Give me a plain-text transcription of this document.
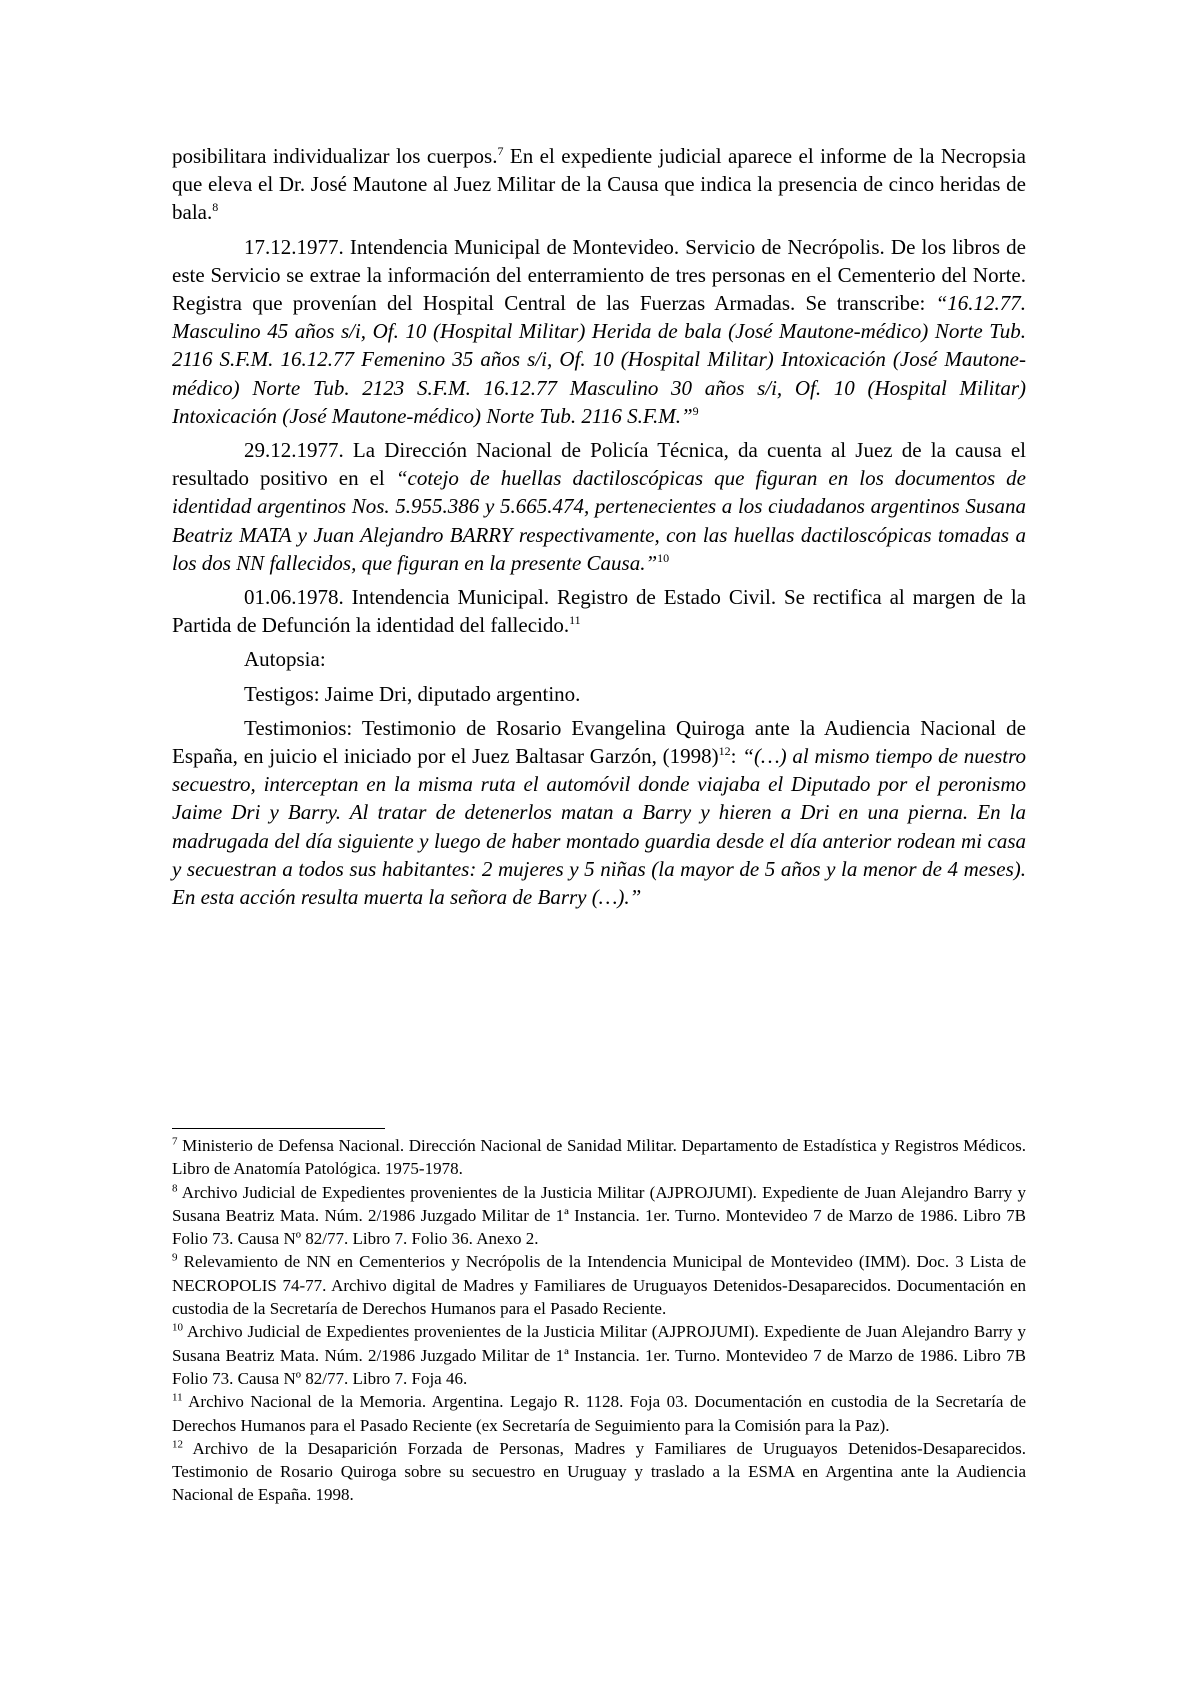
posibilitara individualizar los cuerpos.$^7$ En el expediente judicial aparece el informe de la Necropsia que eleva el Dr. José Mautone al Juez Militar de la Causa que indica la presencia de cinco heridas de bala.$^8$

17.12.1977. Intendencia Municipal de Montevideo. Servicio de Necrópolis. De los libros de este Servicio se extrae la información del enterramiento de tres personas en el Cementerio del Norte. Registra que provenían del Hospital Central de las Fuerzas Armadas. Se transcribe: “16.12.77. Masculino 45 años s/i, Of. 10 (Hospital Militar) Herida de bala (José Mautone-médico) Norte Tub. 2116 S.F.M. 16.12.77 Femenino 35 años s/i, Of. 10 (Hospital Militar) Intoxicación (José Mautone-médico) Norte Tub. 2123 S.F.M. 16.12.77 Masculino 30 años s/i, Of. 10 (Hospital Militar) Intoxicación (José Mautone-médico) Norte Tub. 2116 S.F.M.”$^9$

29.12.1977. La Dirección Nacional de Policía Técnica, da cuenta al Juez de la causa el resultado positivo en el “cotejo de huellas dactiloscópicas que figuran en los documentos de identidad argentinos Nos. 5.955.386 y 5.665.474, pertenecientes a los ciudadanos argentinos Susana Beatriz MATA y Juan Alejandro BARRY respectivamente, con las huellas dactiloscópicas tomadas a los dos NN fallecidos, que figuran en la presente Causa.”$^{10}$

01.06.1978. Intendencia Municipal. Registro de Estado Civil. Se rectifica al margen de la Partida de Defunción la identidad del fallecido.$^{11}$

Autopsia:

Testigos: Jaime Dri, diputado argentino.

Testimonios: Testimonio de Rosario Evangelina Quiroga ante la Audiencia Nacional de España, en juicio el iniciado por el Juez Baltasar Garzón, $(1998)^{12}$: “(…) al mismo tiempo de nuestro secuestro, interceptan en la misma ruta el automóvil donde viajaba el Diputado por el peronismo Jaime Dri y Barry. Al tratar de detenerlos matan a Barry y hieren a Dri en una pierna. En la madrugada del día siguiente y luego de haber montado guardia desde el día anterior rodean mi casa y secuestran a todos sus habitantes: 2 mujeres y 5 niñas (la mayor de 5 años y la menor de 4 meses). En esta acción resulta muerta la señora de Barry (…).”

$^7$ Ministerio de Defensa Nacional. Dirección Nacional de Sanidad Militar. Departamento de Estadística y Registros Médicos. Libro de Anatomía Patológica. 1975-1978.

$^8$ Archivo Judicial de Expedientes provenientes de la Justicia Militar (AJPROJUMI). Expediente de Juan Alejandro Barry y Susana Beatriz Mata. Núm. 2/1986 Juzgado Militar de 1ª Instancia. 1er. Turno. Montevideo 7 de Marzo de 1986. Libro 7B Folio 73. Causa Nº 82/77. Libro 7. Folio 36. Anexo 2.

$^9$ Relevamiento de NN en Cementerios y Necrópolis de la Intendencia Municipal de Montevideo (IMM). Doc. 3 Lista de NECROPOLIS 74-77. Archivo digital de Madres y Familiares de Uruguayos Detenidos-Desaparecidos. Documentación en custodia de la Secretaría de Derechos Humanos para el Pasado Reciente.

$^{10}$ Archivo Judicial de Expedientes provenientes de la Justicia Militar (AJPROJUMI). Expediente de Juan Alejandro Barry y Susana Beatriz Mata. Núm. 2/1986 Juzgado Militar de 1ª Instancia. 1er. Turno. Montevideo 7 de Marzo de 1986. Libro 7B Folio 73. Causa Nº 82/77. Libro 7. Foja 46.

$^{11}$ Archivo Nacional de la Memoria. Argentina. Legajo R. 1128. Foja 03. Documentación en custodia de la Secretaría de Derechos Humanos para el Pasado Reciente (ex Secretaría de Seguimiento para la Comisión para la Paz).

$^{12}$ Archivo de la Desaparición Forzada de Personas, Madres y Familiares de Uruguayos Detenidos-Desaparecidos. Testimonio de Rosario Quiroga sobre su secuestro en Uruguay y traslado a la ESMA en Argentina ante la Audiencia Nacional de España. 1998.
